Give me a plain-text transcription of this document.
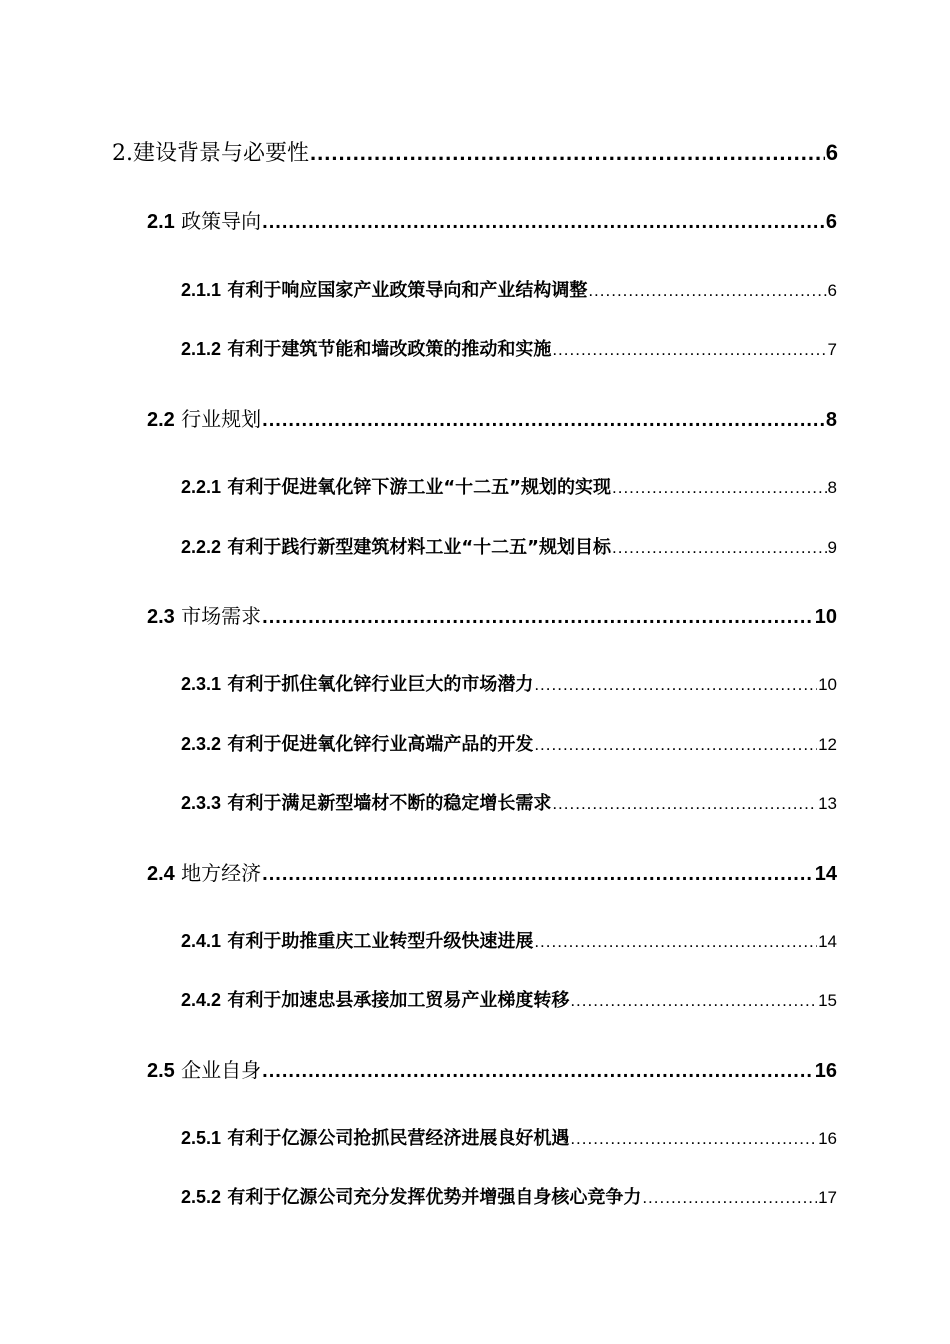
2.建设背景与必要性 .....	6
2.1 政策导向 .....	6
2.1.1 有利于响应国家产业政策导向和产业结构调整 .....	6
2.1.2 有利于建筑节能和墙改政策的推动和实施 .....	7
2.2 行业规划 .....	8
2.2.1 有利于促进氧化锌下游工业“十二五”规划的实现 .....	8
2.2.2 有利于践行新型建筑材料工业“十二五”规划目标 .....	9
2.3 市场需求 .....	10
2.3.1 有利于抓住氧化锌行业巨大的市场潜力 .....	10
2.3.2 有利于促进氧化锌行业高端产品的开发 .....	12
2.3.3 有利于满足新型墙材不断的稳定增长需求 .....	13
2.4 地方经济 .....	14
2.4.1 有利于助推重庆工业转型升级快速进展 .....	14
2.4.2 有利于加速忠县承接加工贸易产业梯度转移 .....	15
2.5 企业自身 .....	16
2.5.1 有利于亿源公司抢抓民营经济进展良好机遇 .....	16
2.5.2 有利于亿源公司充分发挥优势并增强自身核心竞争力 .....	17
